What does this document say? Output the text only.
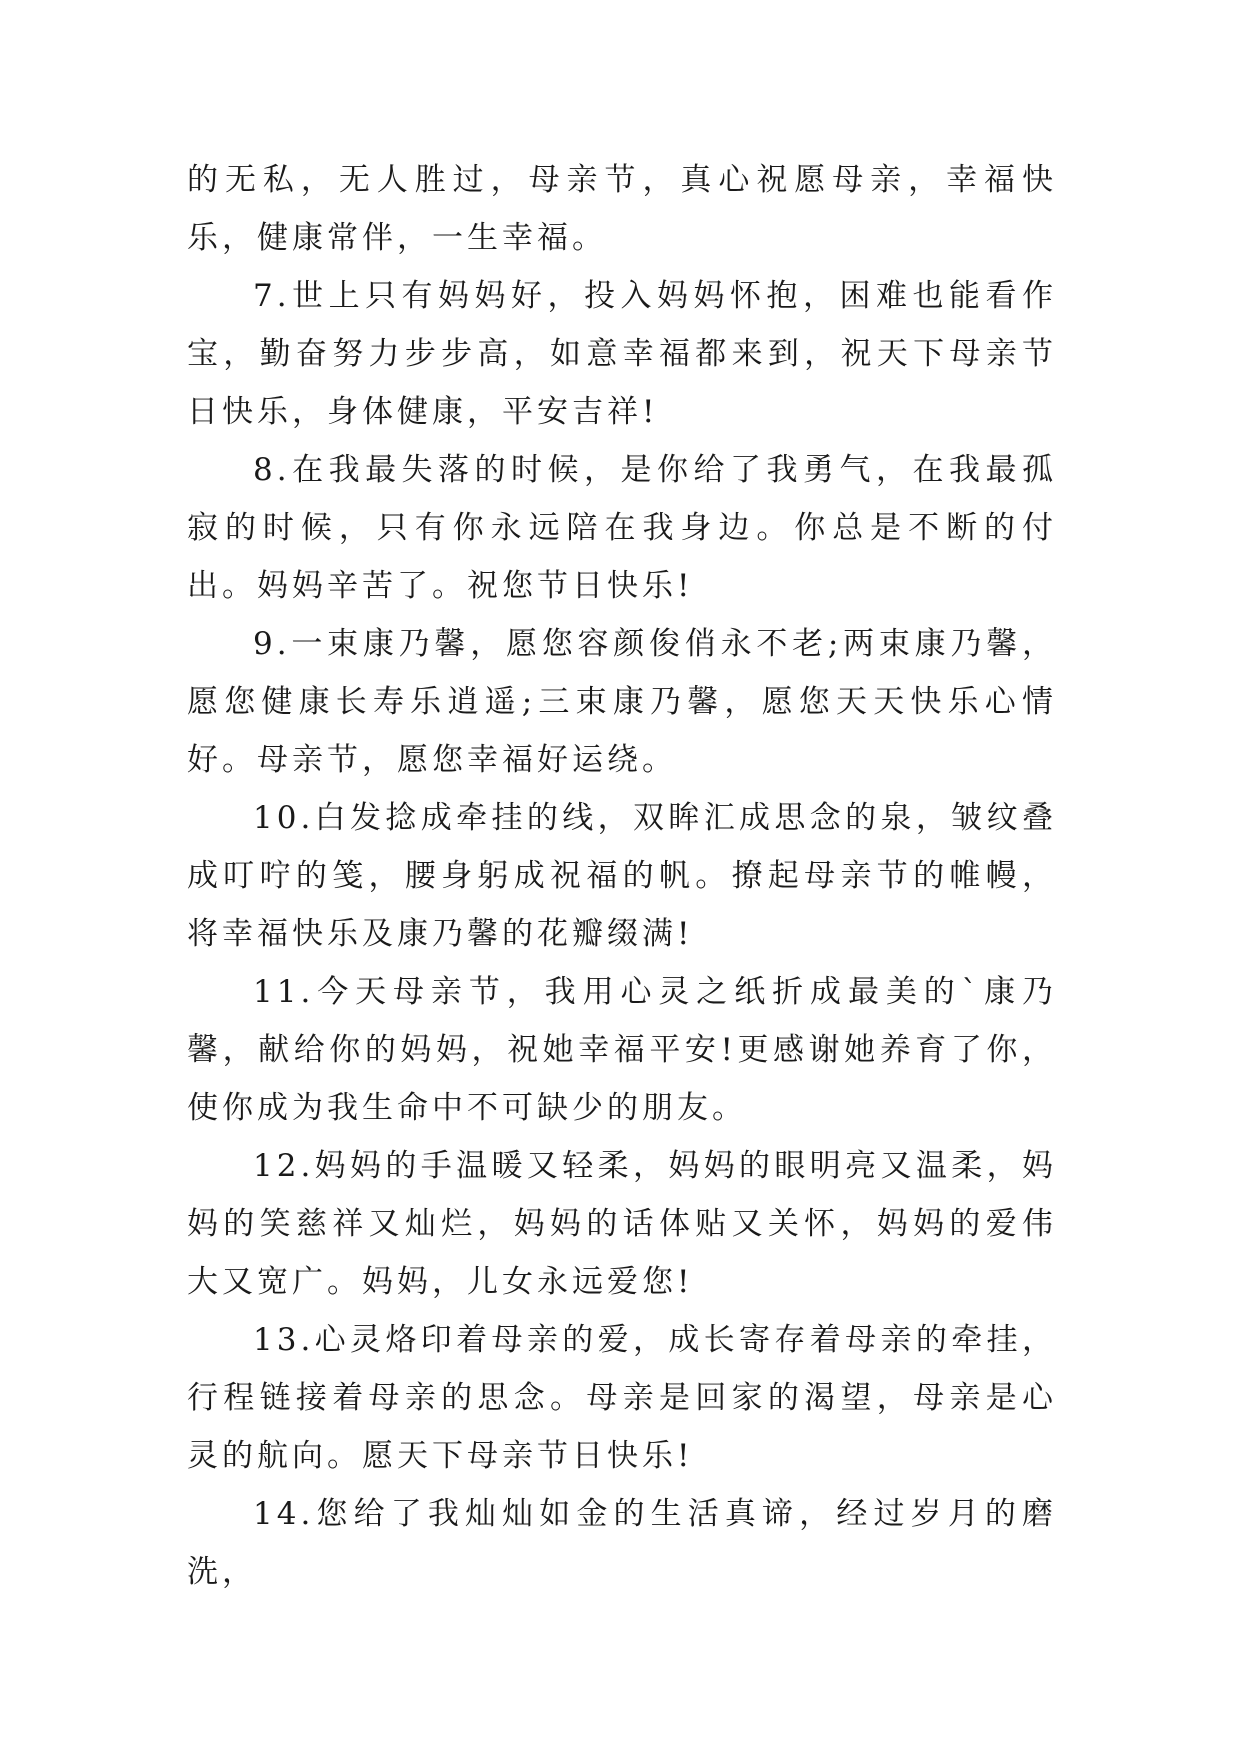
的无私，无人胜过，母亲节，真心祝愿母亲，幸福快乐，健康常伴，一生幸福。

7.世上只有妈妈好，投入妈妈怀抱，困难也能看作宝，勤奋努力步步高，如意幸福都来到，祝天下母亲节日快乐，身体健康，平安吉祥!

8.在我最失落的时候，是你给了我勇气，在我最孤寂的时候，只有你永远陪在我身边。你总是不断的付出。妈妈辛苦了。祝您节日快乐!

9.一束康乃馨，愿您容颜俊俏永不老;两束康乃馨，愿您健康长寿乐逍遥;三束康乃馨，愿您天天快乐心情好。母亲节，愿您幸福好运绕。

10.白发捻成牵挂的线，双眸汇成思念的泉，皱纹叠成叮咛的笺，腰身躬成祝福的帆。撩起母亲节的帷幔，将幸福快乐及康乃馨的花瓣缀满!

11.今天母亲节，我用心灵之纸折成最美的`康乃馨，献给你的妈妈，祝她幸福平安!更感谢她养育了你，使你成为我生命中不可缺少的朋友。

12.妈妈的手温暖又轻柔，妈妈的眼明亮又温柔，妈妈的笑慈祥又灿烂，妈妈的话体贴又关怀，妈妈的爱伟大又宽广。妈妈，儿女永远爱您!

13.心灵烙印着母亲的爱，成长寄存着母亲的牵挂，行程链接着母亲的思念。母亲是回家的渴望，母亲是心灵的航向。愿天下母亲节日快乐!

14.您给了我灿灿如金的生活真谛，经过岁月的磨洗，
